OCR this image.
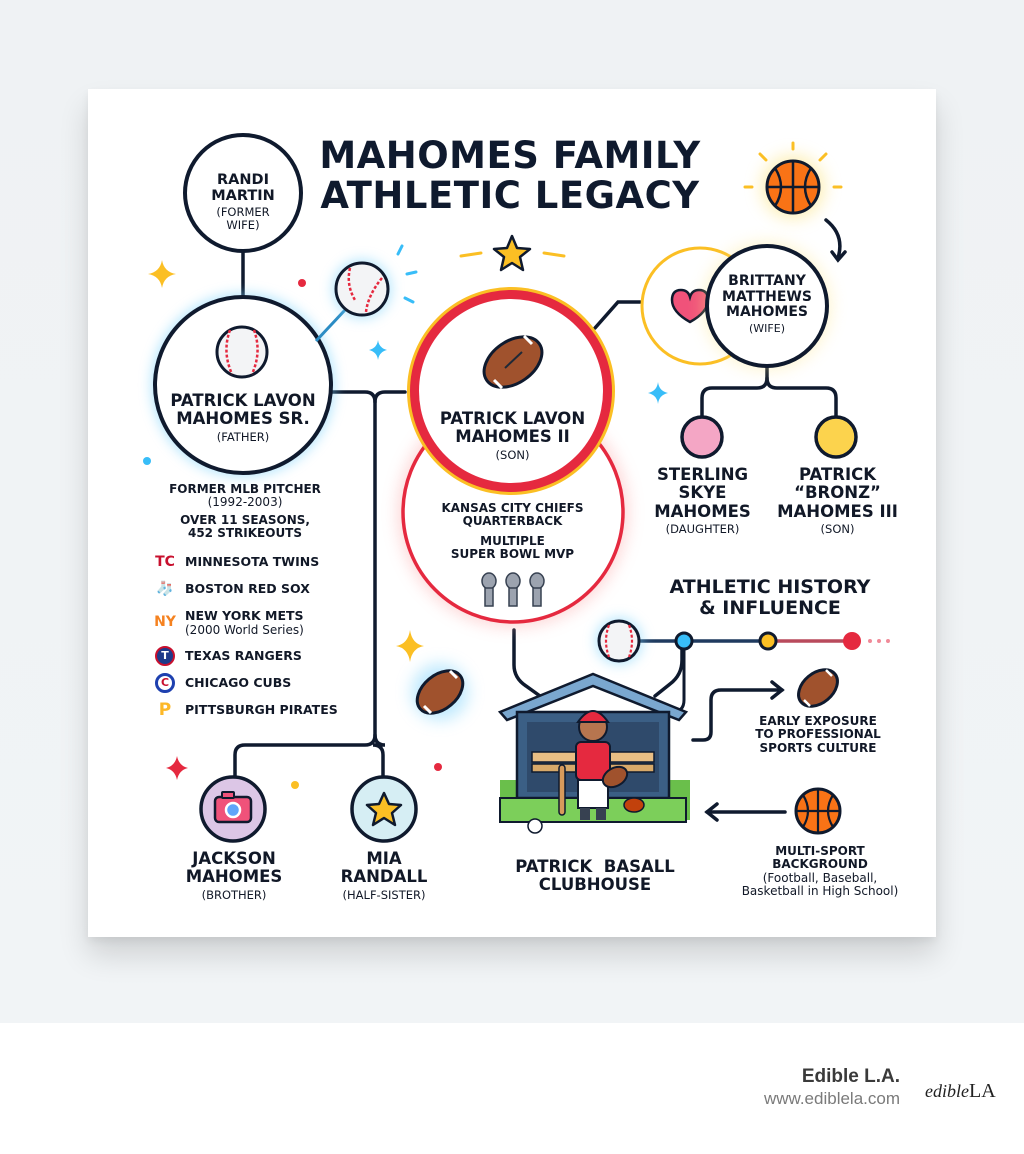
MAHOMES FAMILY
ATHLETIC LEGACY
RANDI
MARTIN
(FORMER
WIFE)
PATRICK LAVON
MAHOMES SR.
(FATHER)
FORMER MLB PITCHER
(1992-2003)
OVER 11 SEASONS,
452 STRIKEOUTS
TC MINNESOTA TWINS
🧦 BOSTON RED SOX
NY NEW YORK METS
(2000 World Series)
T	TEXAS RANGERS
C	CHICAGO CUBS
P	PITTSBURGH PIRATES
PATRICK LAVON
MAHOMES II
(SON)
KANSAS CITY CHIEFS
QUARTERBACK
MULTIPLE
SUPER BOWL MVP
BRITTANY
MATTHEWS
MAHOMES
(WIFE)
STERLING
SKYE
MAHOMES
(DAUGHTER)
PATRICK
“BRONZ”
MAHOMES III
(SON)
ATHLETIC HISTORY
& INFLUENCE
EARLY EXPOSURE
TO PROFESSIONAL
SPORTS CULTURE
MULTI-SPORT
BACKGROUND
(Football, Baseball,
Basketball in High School)
PATRICK  BASALL
CLUBHOUSE
JACKSON
MAHOMES
(BROTHER)
MIA
RANDALL
(HALF-SISTER)
Edible L.A.
www.ediblela.com edibleLA
